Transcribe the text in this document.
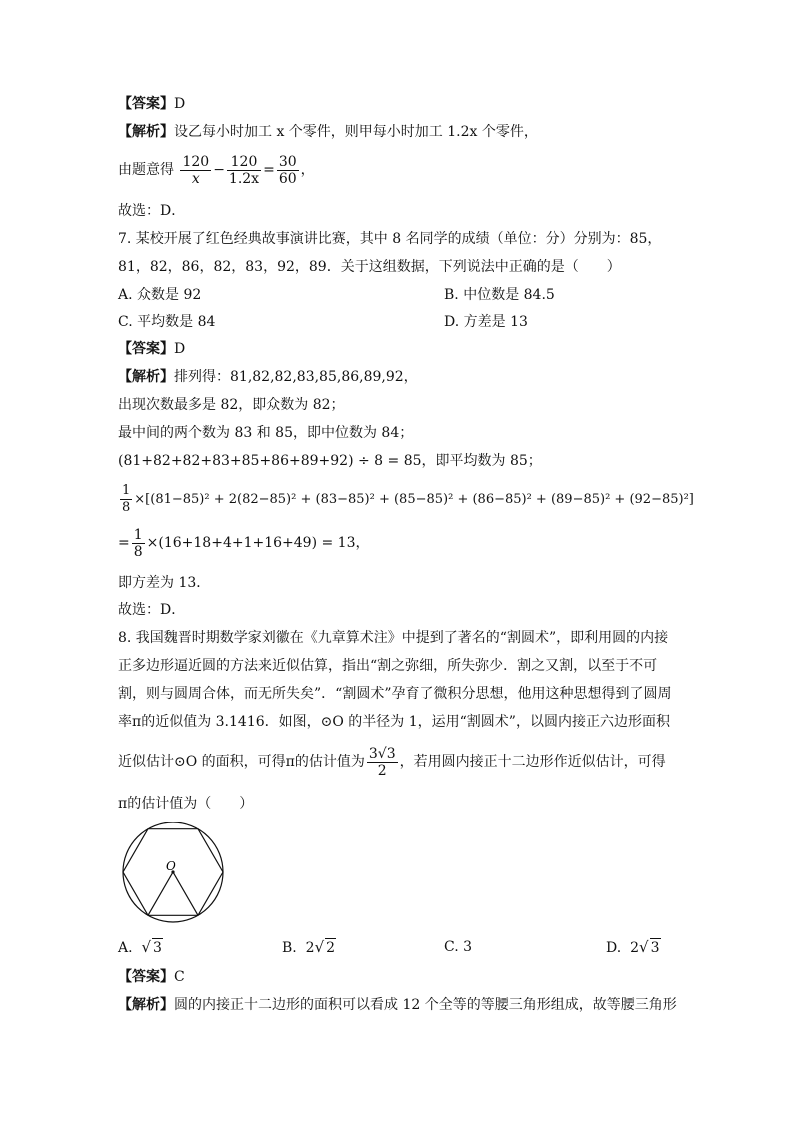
【答案】D
【解析】设乙每小时加工 x 个零件，则甲每小时加工 1.2x 个零件，
由题意得 $\frac{120}{x} - \frac{120}{1.2x} = \frac{30}{60}$ ，
故选：D．
7. 某校开展了红色经典故事演讲比赛，其中 8 名同学的成绩（单位：分）分别为：85，
81，82，86，82，83，92，89．关于这组数据，下列说法中正确的是（　　）
A. 众数是 92	B. 中位数是 84.5
C. 平均数是 84	D. 方差是 13
【答案】D
【解析】排列得：81,82,82,83,85,86,89,92，
出现次数最多是 82，即众数为 82；
最中间的两个数为 83 和 85，即中位数为 84；
(81+82+82+83+85+86+89+92) ÷ 8 = 85，即平均数为 85；
$\frac{1}{8} \times[(81-85)^2 + 2(82-85)^2 + (83-85)^2 + (85-85)^2 + (86-85)^2 + (89-85)^2 + (92-85)^2]$
= $\frac{1}{8} \times(16+18+4+1+16+49) = 13$，
即方差为 13．
故选：D．
8. 我国魏晋时期数学家刘徽在《九章算术注》中提到了著名的“割圆术”，即利用圆的内接
正多边形逼近圆的方法来近似估算，指出“割之弥细，所失弥少．割之又割，以至于不可
割，则与圆周合体，而无所失矣”．“割圆术”孕育了微积分思想，他用这种思想得到了圆周
率π的近似值为 3.1416．如图，⊙O 的半径为 1，运用“割圆术”，以圆内接正六边形面积
近似估计⊙O 的面积，可得π的估计值为 $\frac{3√3}{2}$ ，若用圆内接正十二边形作近似估计，可得
π的估计值为（　　）
O
A. √ 3	B. 2√ 2	C. 3	D. 2√ 3
【答案】C
【解析】圆的内接正十二边形的面积可以看成 12 个全等的等腰三角形组成，故等腰三角形
